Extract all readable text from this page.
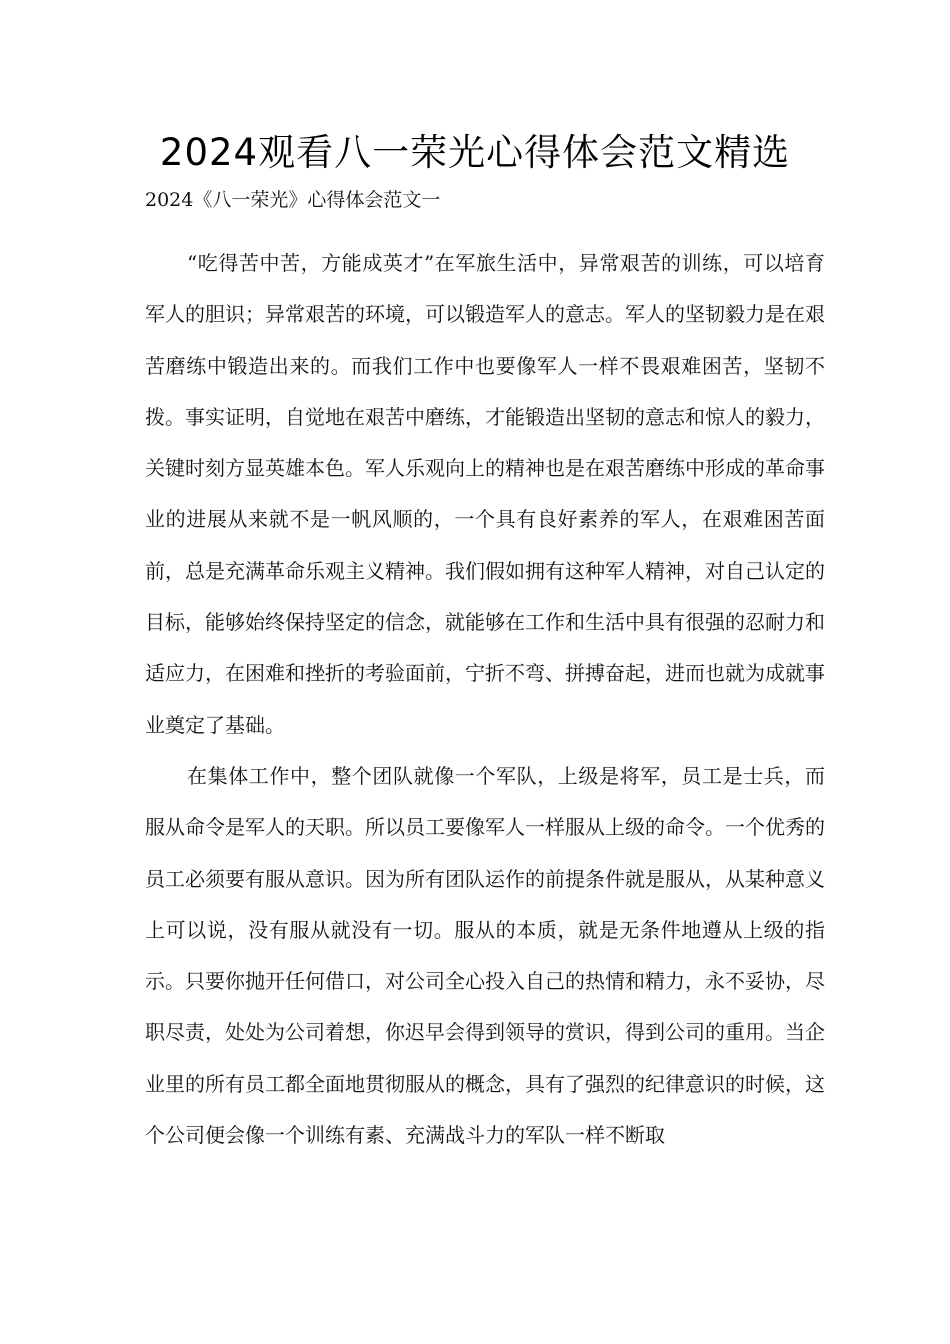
2024观看八一荣光心得体会范文精选
2024《八一荣光》心得体会范文一

“吃得苦中苦，方能成英才”在军旅生活中，异常艰苦的训练，可以培育军人的胆识；异常艰苦的环境，可以锻造军人的意志。军人的坚韧毅力是在艰苦磨练中锻造出来的。而我们工作中也要像军人一样不畏艰难困苦，坚韧不拨。事实证明，自觉地在艰苦中磨练，才能锻造出坚韧的意志和惊人的毅力，关键时刻方显英雄本色。军人乐观向上的精神也是在艰苦磨练中形成的革命事业的进展从来就不是一帆风顺的，一个具有良好素养的军人，在艰难困苦面前，总是充满革命乐观主义精神。我们假如拥有这种军人精神，对自己认定的目标，能够始终保持坚定的信念，就能够在工作和生活中具有很强的忍耐力和适应力，在困难和挫折的考验面前，宁折不弯、拼搏奋起，进而也就为成就事业奠定了基础。

在集体工作中，整个团队就像一个军队，上级是将军，员工是士兵，而服从命令是军人的天职。所以员工要像军人一样服从上级的命令。一个优秀的员工必须要有服从意识。因为所有团队运作的前提条件就是服从，从某种意义上可以说，没有服从就没有一切。服从的本质，就是无条件地遵从上级的指示。只要你抛开任何借口，对公司全心投入自己的热情和精力，永不妥协，尽职尽责，处处为公司着想，你迟早会得到领导的赏识，得到公司的重用。当企业里的所有员工都全面地贯彻服从的概念，具有了强烈的纪律意识的时候，这个公司便会像一个训练有素、充满战斗力的军队一样不断取
